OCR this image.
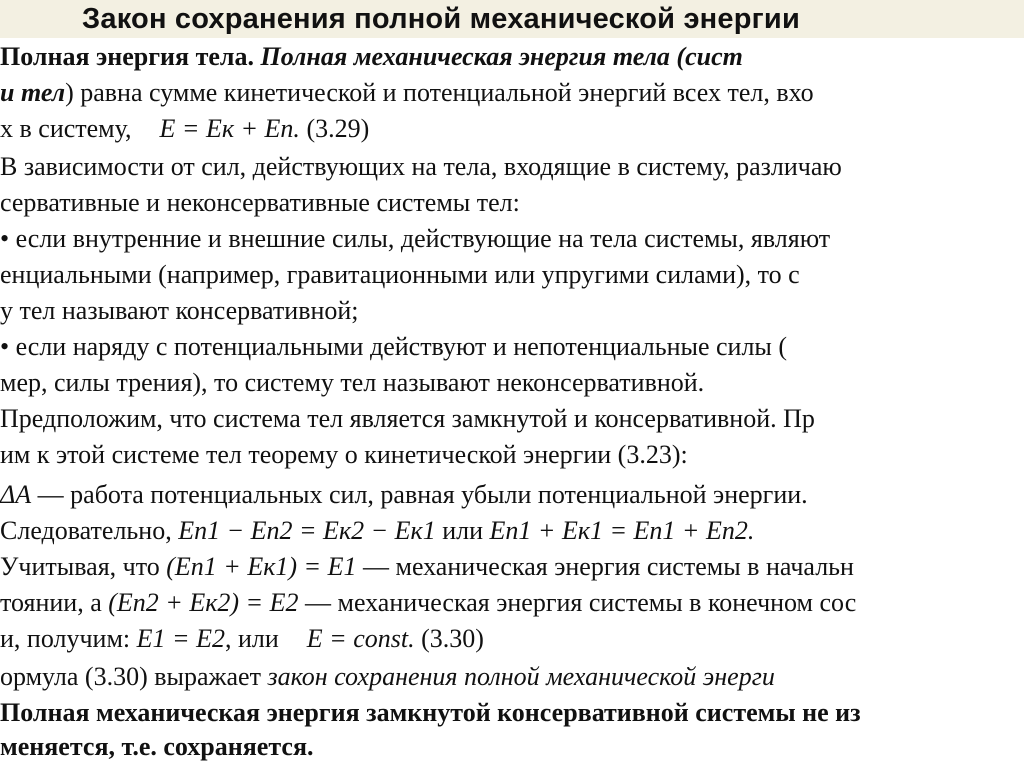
Закон сохранения полной механической энергии
Полная энергия тела. Полная механическая энергия тела (сист
и тел) равна сумме кинетической и потенциальной энергий всех тел, вхо
х в систему, E = Eк + Eп. (3.29)
В зависимости от сил, действующих на тела, входящие в систему, различаю
сервативные и неконсервативные системы тел:
• если внутренние и внешние силы, действующие на тела системы, являют
енциальными (например, гравитационными или упругими силами), то с
у тел называют консервативной;
• если наряду с потенциальными действуют и непотенциальные силы (
мер, силы трения), то систему тел называют неконсервативной.
Предположим, что система тел является замкнутой и консервативной. Пр
им к этой системе тел теорему о кинетической энергии (3.23):
ΔA — работа потенциальных сил, равная убыли потенциальной энергии.
Следовательно, Eп1 − Eп2 = Eк2 − Eк1 или Eп1 + Eк1 = Eп1 + Eп2.
Учитывая, что (Eп1 + Eк1) = E1 — механическая энергия системы в начальн
тоянии, а (Eп2 + Eк2) = E2 — механическая энергия системы в конечном сос
и, получим: E1 = E2, или E = const. (3.30)
ормула (3.30) выражает закон сохранения полной механической энерги
Полная механическая энергия замкнутой консервативной системы не из
меняется, т.е. сохраняется.
